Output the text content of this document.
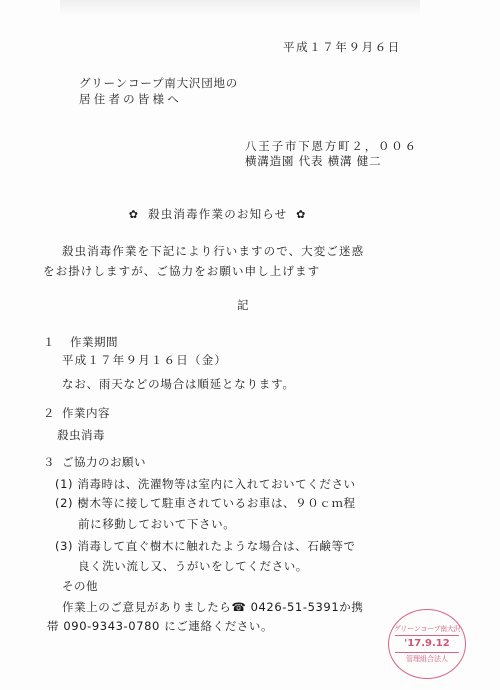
平成１７年９月６日
グリーンコープ南大沢団地の
居住者の皆様へ
八王子市下恩方町２，００６
横溝造園 代表 横溝 健二
✿ 殺虫消毒作業のお知らせ ✿
殺虫消毒作業を下記により行いますので、大変ご迷惑
をお掛けしますが、ご協力をお願い申し上げます
記
１ 作業期間
平成１７年９月１６日（金）
なお、雨天などの場合は順延となります。
２ 作業内容
殺虫消毒
３ ご協力のお願い
(1) 消毒時は、洗濯物等は室内に入れておいてください
(2) 樹木等に接して駐車されているお車は、９０ｃｍ程
前に移動しておいて下さい。
(3) 消毒して直ぐ樹木に触れたような場合は、石鹸等で
良く洗い流し又、うがいをしてください。
その他
作業上のご意見がありましたら☎ 0426-51-5391か携
帯 090-9343-0780 にご連絡ください。	グリーンコープ南大沢
'17.9.12
管理組合法人
